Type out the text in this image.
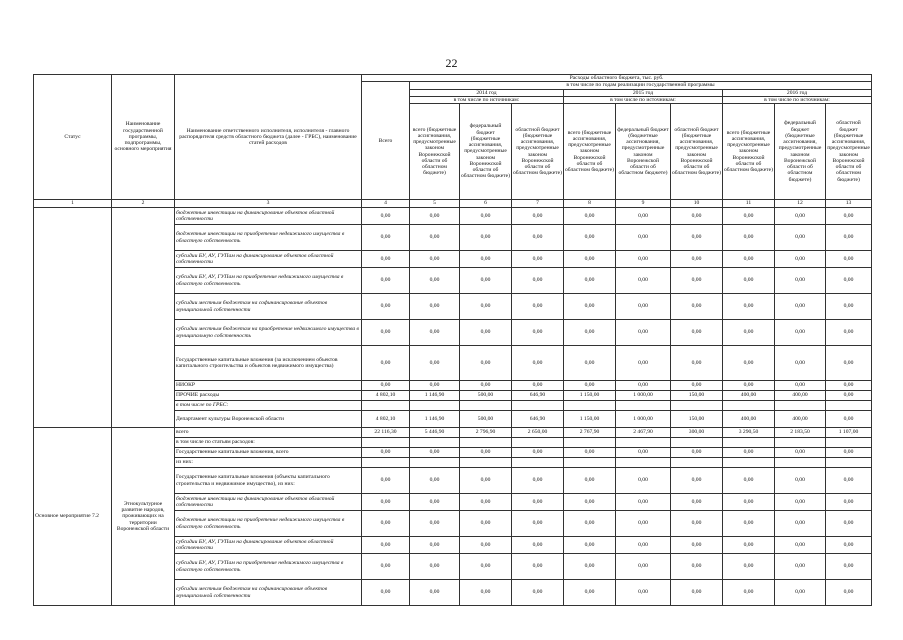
22
Статус	Наименование государственной программы, подпрограммы, основного мероприятия	Наименование ответственного исполнителя, исполнителя - главного распорядителя средств областного бюджета (далее - ГРБС), наименование статей расходов	Расходы областного бюджета, тыс. руб.									
			Всего	в том числе по годам реализации государственной программы								
				2014 год			2015 год			2016 год		
				в том числе по источникам:			в том числе по источникам:			в том числе по источникам:		
				всего (бюджетные ассигнования, предусмотренные законом Воронежской области об областном бюджете)	федеральный бюджет (бюджетные ассигнования, предусмотренные законом Воронежской области об областном бюджете)	областной бюджет (бюджетные ассигнования, предусмотренные законом Воронежской области об областном бюджете)	всего (бюджетные ассигнования, предусмотренные законом Воронежской области об областном бюджете)	федеральный бюджет (бюджетные ассигнования, предусмотренные законом Воронежской области об областном бюджете)	областной бюджет (бюджетные ассигнования, предусмотренные законом Воронежской области об областном бюджете)	всего (бюджетные ассигнования, предусмотренные законом Воронежской области об областном бюджете)	федеральный бюджет (бюджетные ассигнования, предусмотренные законом Воронежской области об областном бюджете)	областной бюджет (бюджетные ассигнования, предусмотренные законом Воронежской области об областном бюджете)
1	2	3	4	5	6	7	8	9	10	11	12	13
		бюджетные инвестиции на финансирование объектов областной собственности	0,00	0,00	0,00	0,00	0,00	0,00	0,00	0,00	0,00	0,00
		бюджетные инвестиции на приобретение недвижимого имущества в областную собственность	0,00	0,00	0,00	0,00	0,00	0,00	0,00	0,00	0,00	0,00
		субсидии БУ, АУ, ГУПам на финансирование объектов областной собственности	0,00	0,00	0,00	0,00	0,00	0,00	0,00	0,00	0,00	0,00
		субсидии БУ, АУ, ГУПам на приобретение недвижимого имущества в областную собственность	0,00	0,00	0,00	0,00	0,00	0,00	0,00	0,00	0,00	0,00
		субсидии местным бюджетам на софинансирование объектов муниципальной собственности	0,00	0,00	0,00	0,00	0,00	0,00	0,00	0,00	0,00	0,00
		субсидии местным бюджетам на приобретение недвижимого имущества в муниципальную собственность	0,00	0,00	0,00	0,00	0,00	0,00	0,00	0,00	0,00	0,00
		Государственные капитальные вложения (за исключением объектов капитального строительства и объектов недвижимого имущества)	0,00	0,00	0,00	0,00	0,00	0,00	0,00	0,00	0,00	0,00
		НИОКР	0,00	0,00	0,00	0,00	0,00	0,00	0,00	0,00	0,00	0,00
		ПРОЧИЕ расходы	4 802,10	1 146,90	500,00	646,90	1 150,00	1 000,00	150,00	400,00	400,00	0,00
		в том числе по ГРБС:										
		Департамент культуры Воронежской области	4 802,10	1 146,90	500,00	646,90	1 150,00	1 000,00	150,00	400,00	400,00	0,00
Основное мероприятие 7.2	Этнокультурное развитие народов, проживающих на территории Воронежской области	всего	22 116,30	5 446,90	2 796,90	2 650,00	2 767,90	2 467,90	300,00	3 290,50	2 183,50	1 107,00
		в том числе по статьям расходов:										
		Государственные капитальные вложения, всего	0,00	0,00	0,00	0,00	0,00	0,00	0,00	0,00	0,00	0,00
		из них:										
		Государственные капитальные вложения (объекты капитального строительства и недвижимое имущество), из них:	0,00	0,00	0,00	0,00	0,00	0,00	0,00	0,00	0,00	0,00
		бюджетные инвестиции на финансирование объектов областной собственности	0,00	0,00	0,00	0,00	0,00	0,00	0,00	0,00	0,00	0,00
		бюджетные инвестиции на приобретение недвижимого имущества в областную собственность	0,00	0,00	0,00	0,00	0,00	0,00	0,00	0,00	0,00	0,00
		субсидии БУ, АУ, ГУПам на финансирование объектов областной собственности	0,00	0,00	0,00	0,00	0,00	0,00	0,00	0,00	0,00	0,00
		субсидии БУ, АУ, ГУПам на приобретение недвижимого имущества в областную собственность	0,00	0,00	0,00	0,00	0,00	0,00	0,00	0,00	0,00	0,00
		субсидии местным бюджетам на софинансирование объектов муниципальной собственности	0,00	0,00	0,00	0,00	0,00	0,00	0,00	0,00	0,00	0,00
